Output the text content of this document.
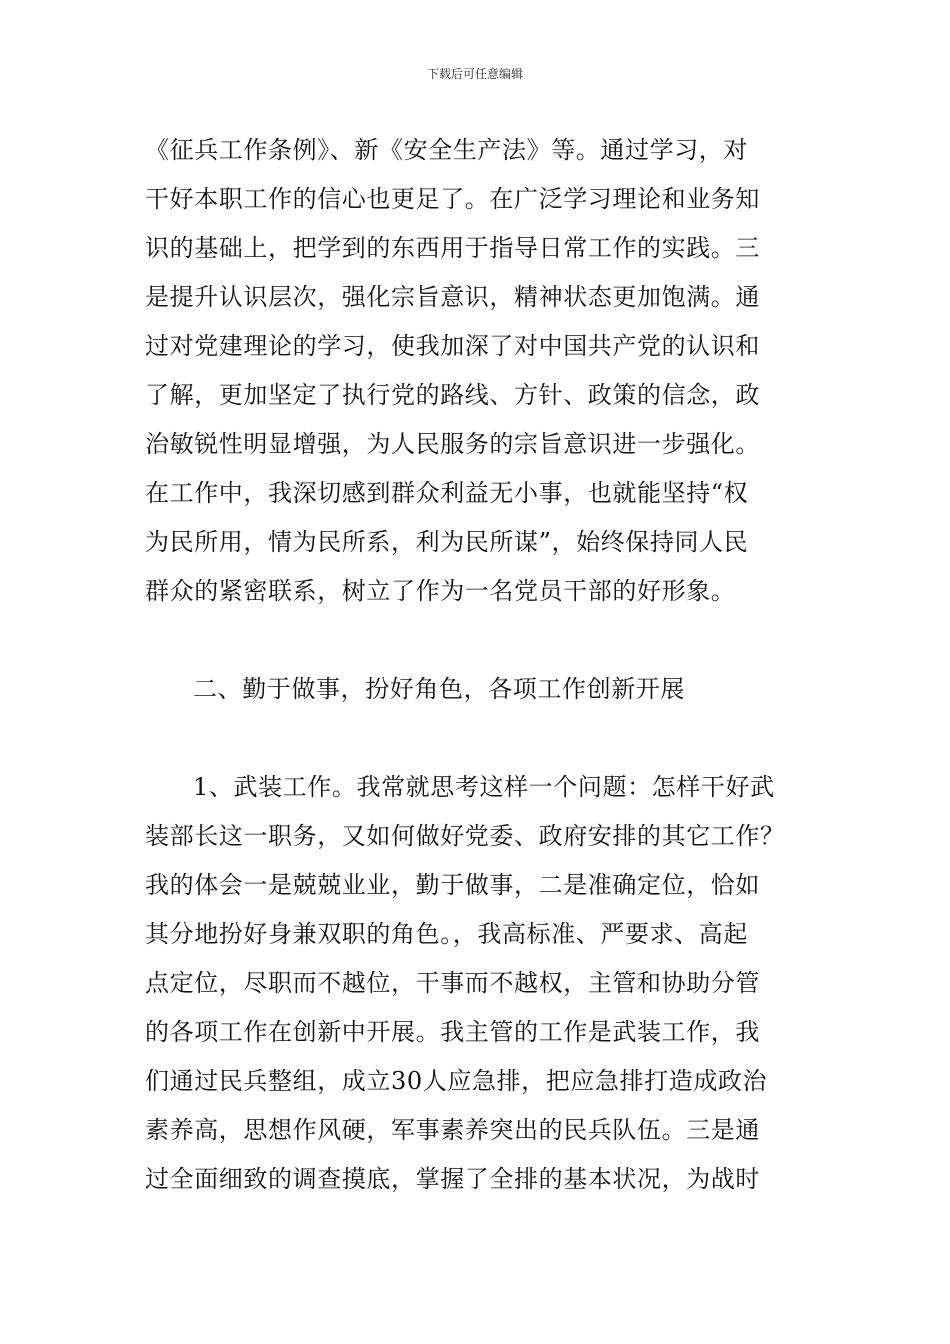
下载后可任意编辑
《征兵工作条例》、新《安全生产法》等。通过学习，对
干好本职工作的信心也更足了。在广泛学习理论和业务知
识的基础上，把学到的东西用于指导日常工作的实践。三
是提升认识层次，强化宗旨意识，精神状态更加饱满。通
过对党建理论的学习，使我加深了对中国共产党的认识和
了解，更加坚定了执行党的路线、方针、政策的信念，政
治敏锐性明显增强，为人民服务的宗旨意识进一步强化。
在工作中，我深切感到群众利益无小事，也就能坚持“权
为民所用，情为民所系，利为民所谋”，始终保持同人民
群众的紧密联系，树立了作为一名党员干部的好形象。
二、勤于做事，扮好角色，各项工作创新开展
1、武装工作。我常就思考这样一个问题：怎样干好武
装部长这一职务，又如何做好党委、政府安排的其它工作？
我的体会一是兢兢业业，勤于做事，二是准确定位，恰如
其分地扮好身兼双职的角色。，我高标准、严要求、高起
点定位，尽职而不越位，干事而不越权，主管和协助分管
的各项工作在创新中开展。我主管的工作是武装工作，我
们通过民兵整组，成立30人应急排，把应急排打造成政治
素养高，思想作风硬，军事素养突出的民兵队伍。三是通
过全面细致的调查摸底，掌握了全排的基本状况，为战时
